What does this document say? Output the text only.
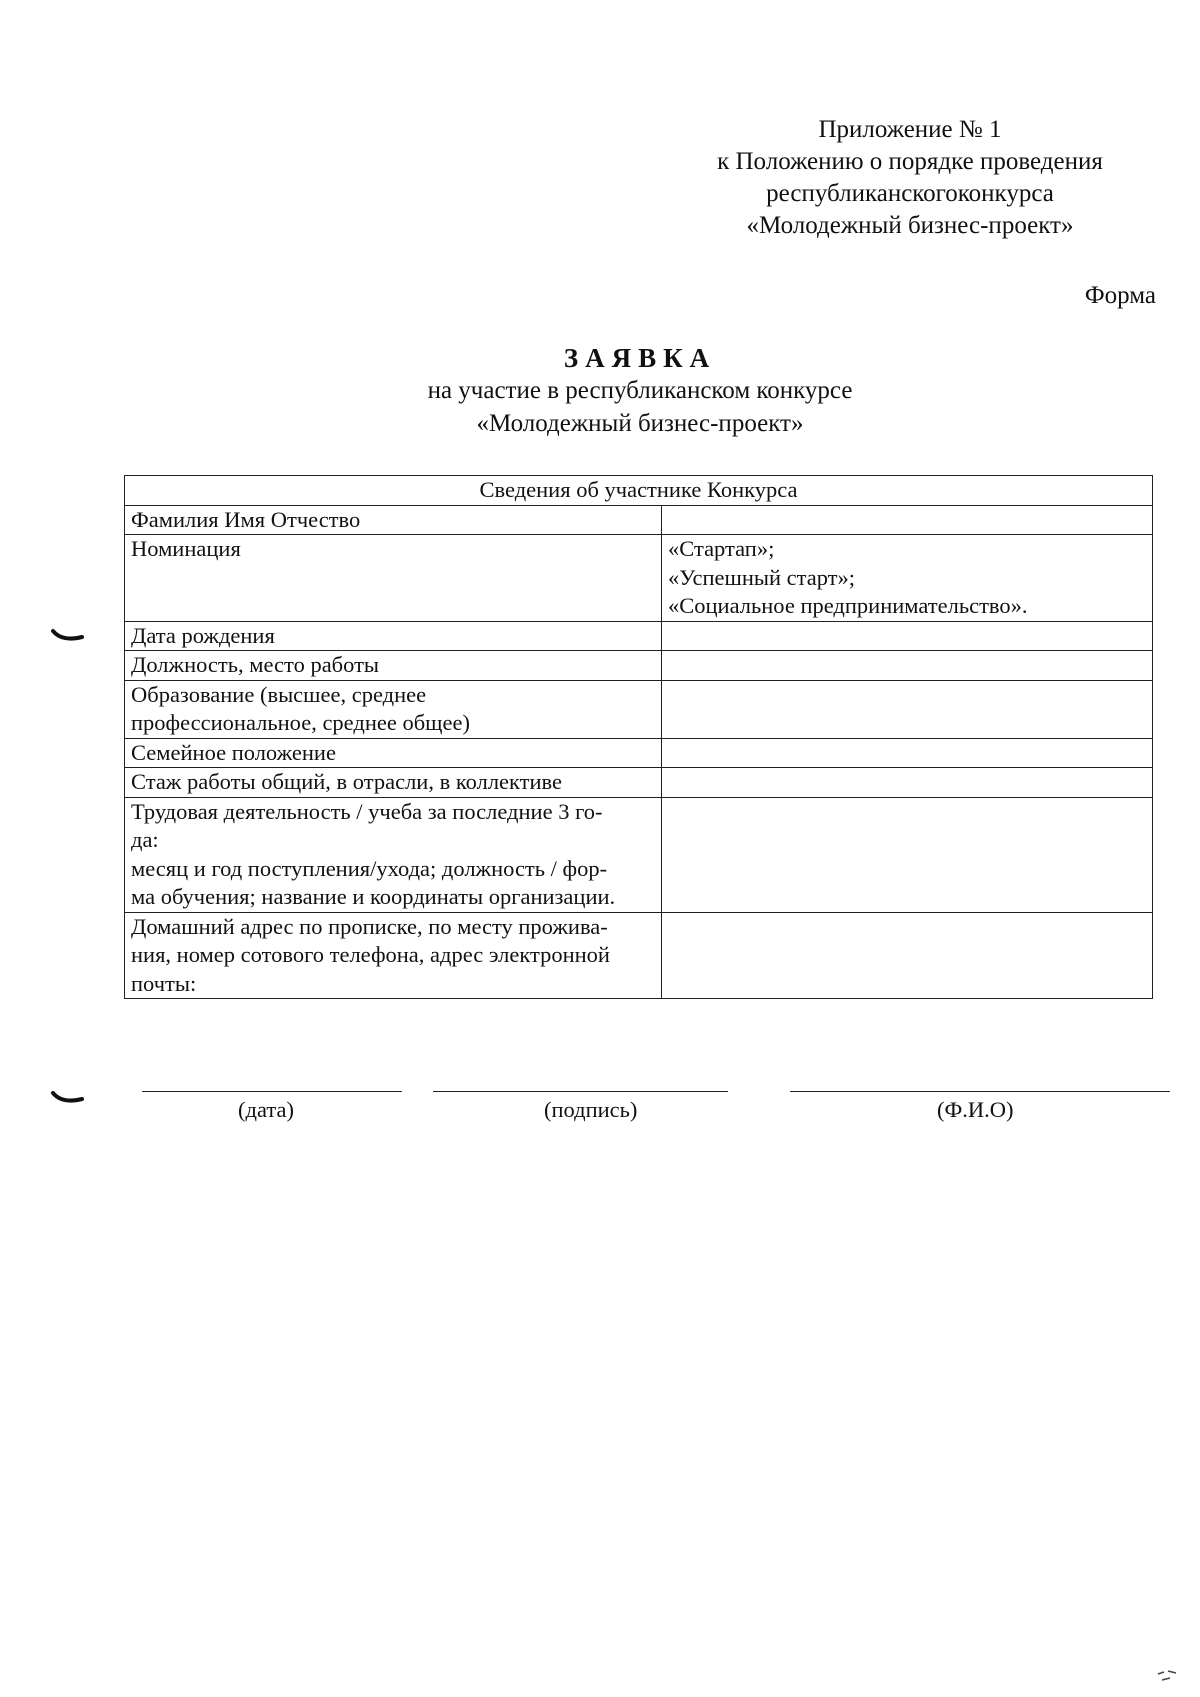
Приложение № 1
к Положению о порядке проведения
республиканскогоконкурса
«Молодежный бизнес-проект»
Форма
ЗАЯВКА
на участие в республиканском конкурсе
«Молодежный бизнес-проект»
Сведения об участнике Конкурса	

Фамилия Имя Отчество	

Номинация	«Стартап»;
«Успешный старт»;
«Социальное предпринимательство».

Дата рождения	

Должность, место работы	

Образование (высшее, среднее
профессиональное, среднее общее)	

Семейное положение	

Стаж работы общий, в отрасли, в коллективе	

Трудовая деятельность / учеба за последние 3 го-
да:
месяц и год поступления/ухода; должность / фор-
ма обучения; название и координаты организации.	

Домашний адрес по прописке, по месту прожива-
ния, номер сотового телефона, адрес электронной
почты:	

(дата)	(подпись)	(Ф.И.О)
